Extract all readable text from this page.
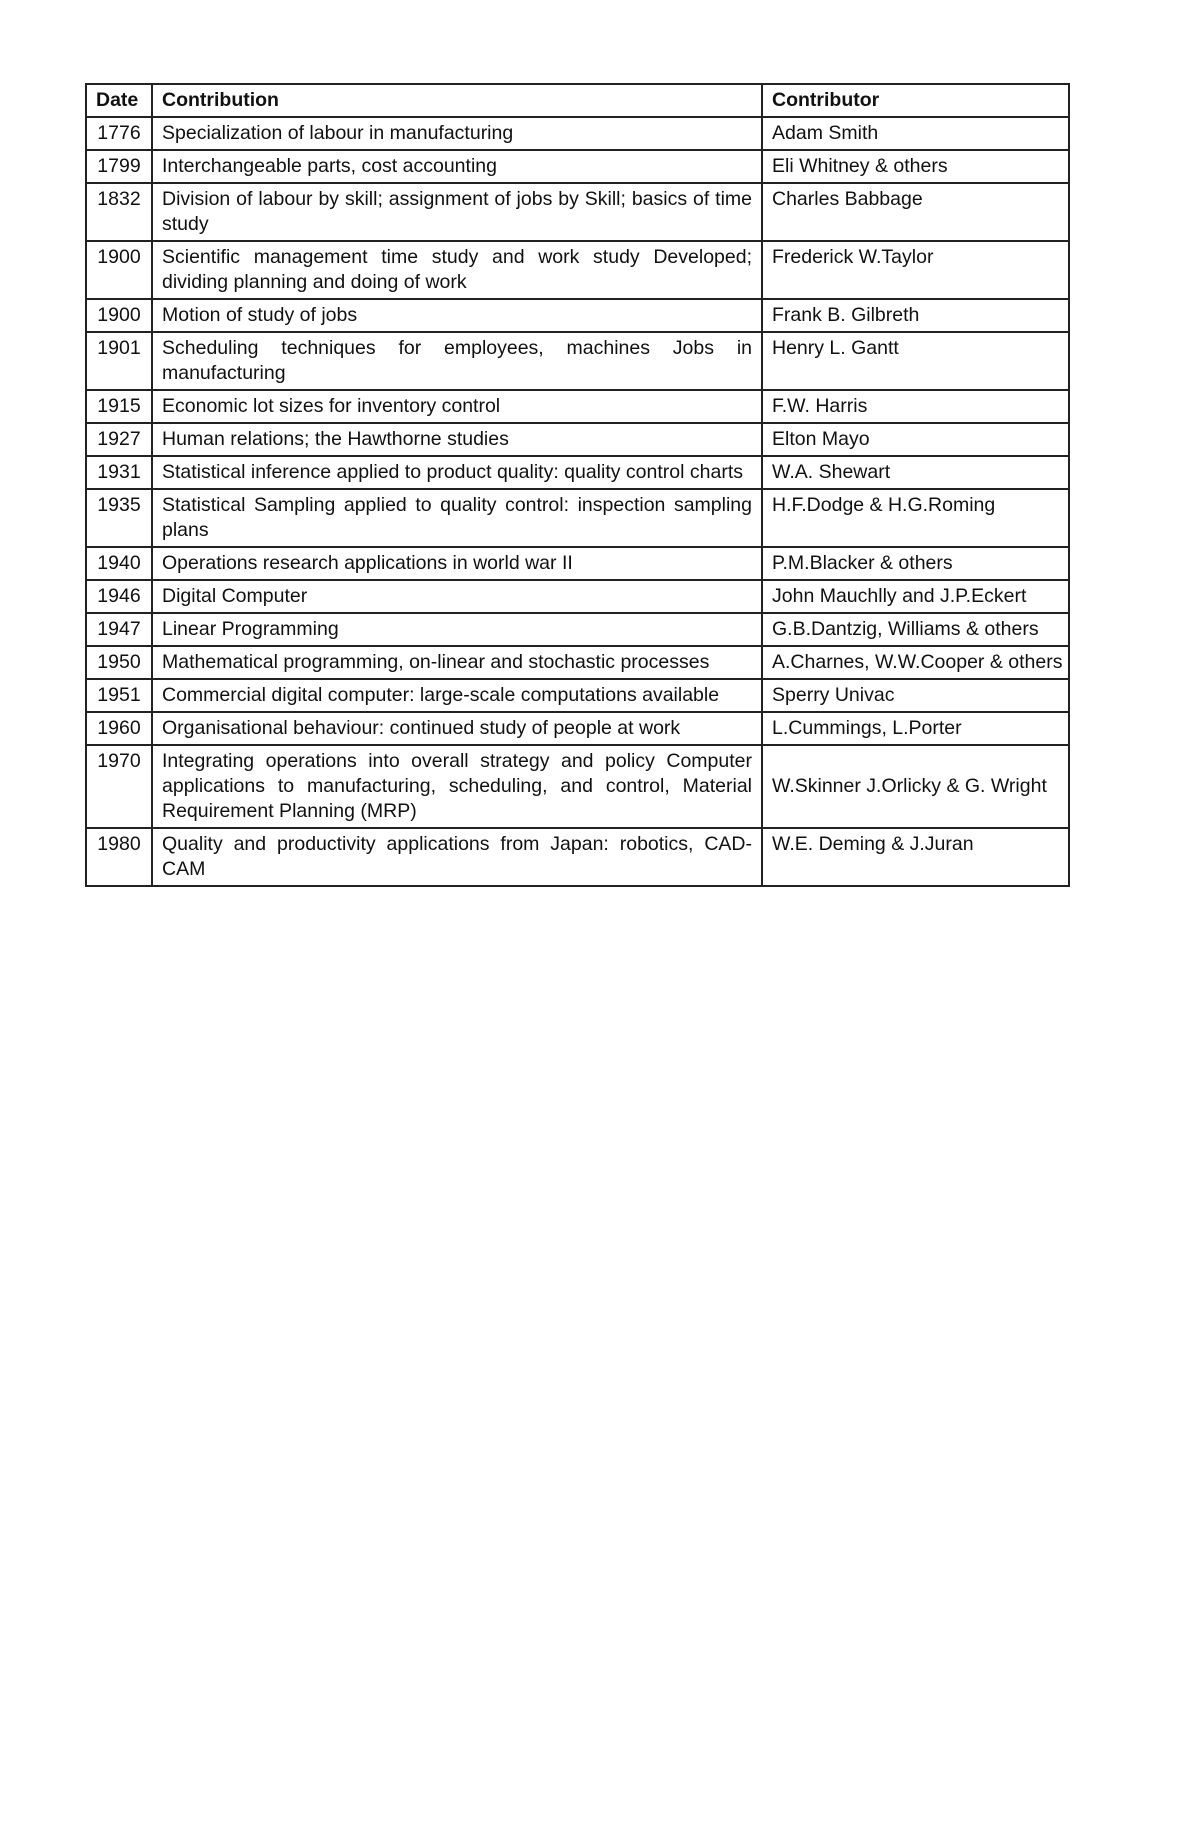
Date	Contribution	Contributor
1776	Specialization of labour in manufacturing	Adam Smith
1799	Interchangeable parts, cost accounting	Eli Whitney & others
1832	Division of labour by skill; assignment of jobs by Skill; basics of time study	Charles Babbage
1900	Scientific management time study and work study Developed; dividing planning and doing of work	Frederick W.Taylor
1900	Motion of study of jobs	Frank B. Gilbreth
1901	Scheduling techniques for employees, machines Jobs in manufacturing	Henry L. Gantt
1915	Economic lot sizes for inventory control	F.W. Harris
1927	Human relations; the Hawthorne studies	Elton Mayo
1931	Statistical inference applied to product quality: quality control charts	W.A. Shewart
1935	Statistical Sampling applied to quality control: inspection sampling plans	H.F.Dodge & H.G.Roming
1940	Operations research applications in world war II	P.M.Blacker & others
1946	Digital Computer	John Mauchlly and J.P.Eckert
1947	Linear Programming	G.B.Dantzig, Williams & others
1950	Mathematical programming, on-linear and stochastic processes	A.Charnes, W.W.Cooper & others
1951	Commercial digital computer: large-scale computations available	Sperry Univac
1960	Organisational behaviour: continued study of people at work	L.Cummings, L.Porter
1970	Integrating operations into overall strategy and policy Computer applications to manufacturing, scheduling, and control, Material Requirement Planning (MRP)	W.Skinner J.Orlicky & G. Wright
1980	Quality and productivity applications from Japan: robotics, CAD-CAM	W.E. Deming & J.Juran
